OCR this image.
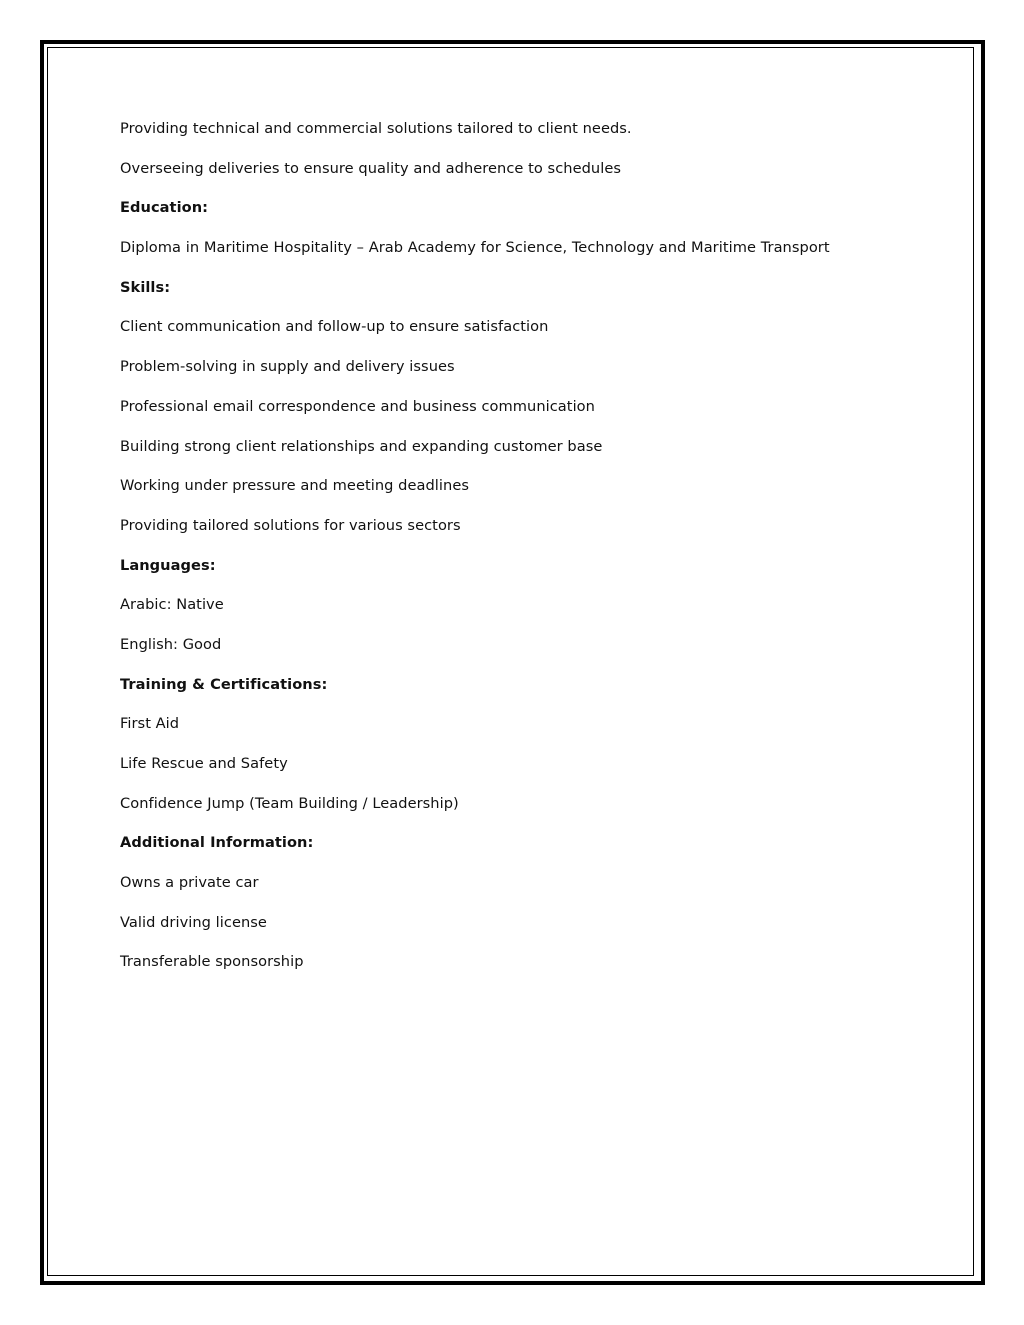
Providing technical and commercial solutions tailored to client needs.
Overseeing deliveries to ensure quality and adherence to schedules
Education:
Diploma in Maritime Hospitality – Arab Academy for Science, Technology and Maritime Transport
Skills:
Client communication and follow-up to ensure satisfaction
Problem-solving in supply and delivery issues
Professional email correspondence and business communication
Building strong client relationships and expanding customer base
Working under pressure and meeting deadlines
Providing tailored solutions for various sectors
Languages:
Arabic: Native
English: Good
Training & Certifications:
First Aid
Life Rescue and Safety
Confidence Jump (Team Building / Leadership)
Additional Information:
Owns a private car
Valid driving license
Transferable sponsorship
